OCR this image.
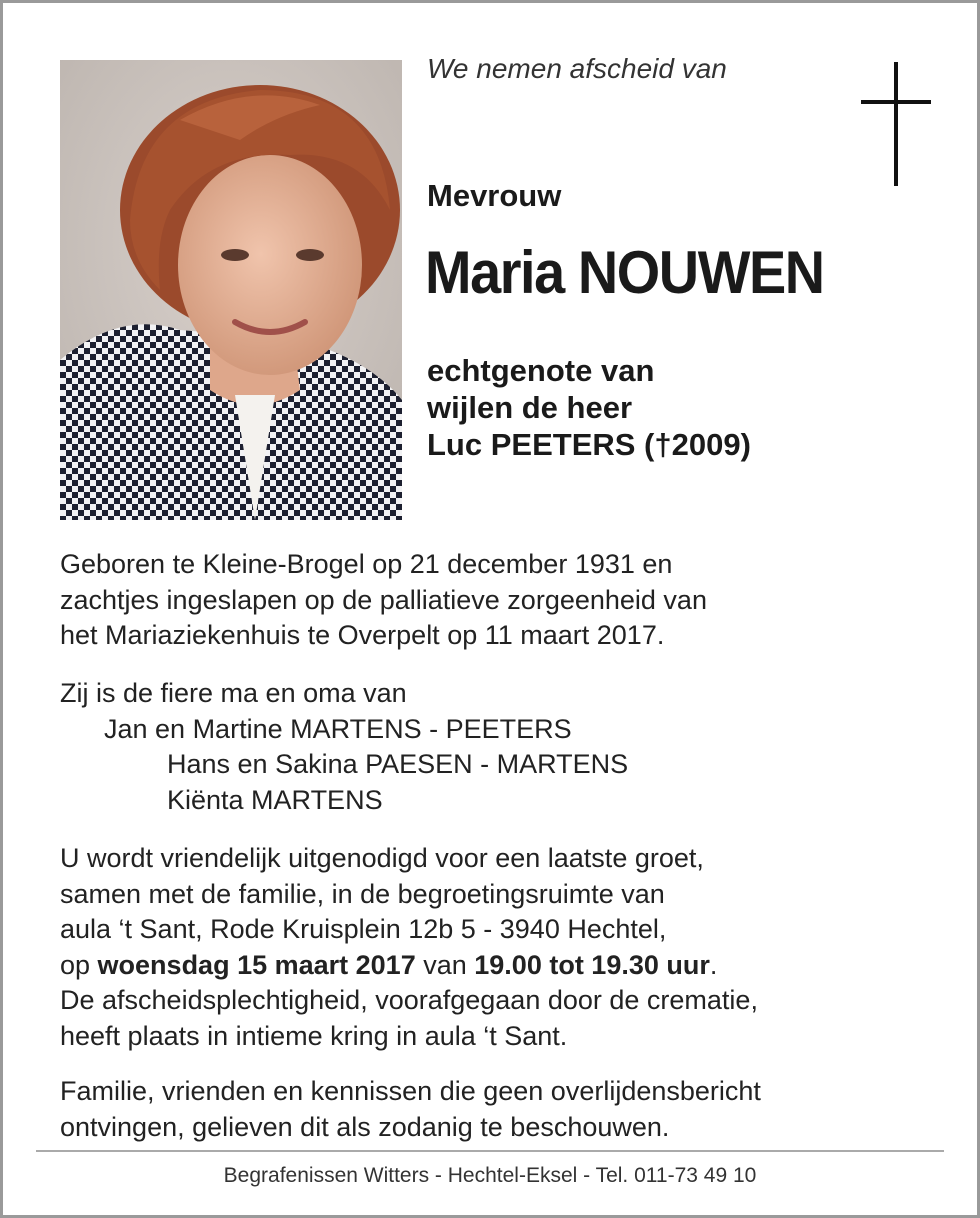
We nemen afscheid van
Mevrouw
Maria NOUWEN
echtgenote van
wijlen de heer
Luc PEETERS (†2009)
Geboren te Kleine-Brogel op 21 december 1931 en
zachtjes ingeslapen op de palliatieve zorgeenheid van
het Mariaziekenhuis te Overpelt op 11 maart 2017.
Zij is de fiere ma en oma van
Jan en Martine MARTENS - PEETERS
Hans en Sakina PAESEN - MARTENS
Kiënta MARTENS
U wordt vriendelijk uitgenodigd voor een laatste groet,
samen met de familie, in de begroetingsruimte van
aula ‘t Sant, Rode Kruisplein 12b 5 - 3940 Hechtel,
op woensdag 15 maart 2017 van 19.00 tot 19.30 uur.
De afscheidsplechtigheid, voorafgegaan door de crematie,
heeft plaats in intieme kring in aula ‘t Sant.
Familie, vrienden en kennissen die geen overlijdensbericht
ontvingen, gelieven dit als zodanig te beschouwen.
Begrafenissen Witters - Hechtel-Eksel - Tel. 011-73 49 10
